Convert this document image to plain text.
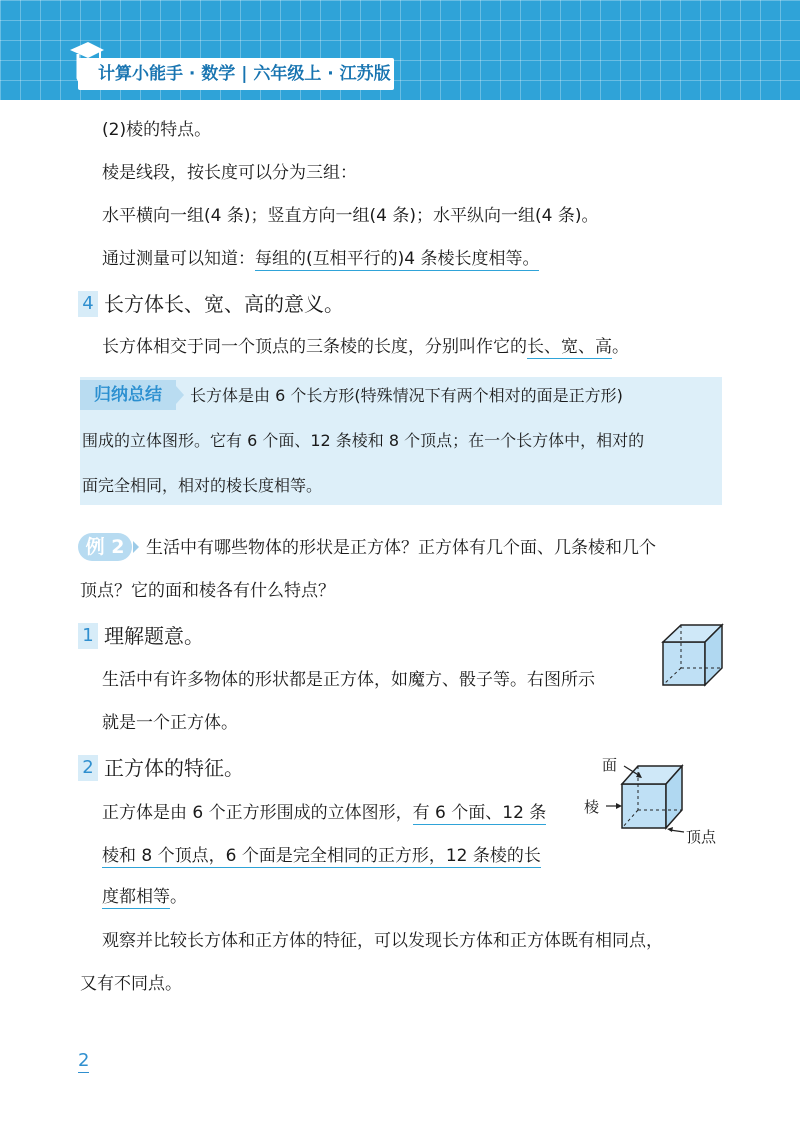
计算小能手 · 数学 | 六年级上 · 江苏版
(2)棱的特点。
棱是线段，按长度可以分为三组：
水平横向一组(4 条)；竖直方向一组(4 条)；水平纵向一组(4 条)。
通过测量可以知道：每组的(互相平行的)4 条棱长度相等。
4 长方体长、宽、高的意义。
长方体相交于同一个顶点的三条棱的长度，分别叫作它的长、宽、高。
归纳总结	长方体是由 6 个长方形(特殊情况下有两个相对的面是正方形)
围成的立体图形。它有 6 个面、12 条棱和 8 个顶点；在一个长方体中，相对的
面完全相同，相对的棱长度相等。
例 2	生活中有哪些物体的形状是正方体？正方体有几个面、几条棱和几个
顶点？它的面和棱各有什么特点？
1 理解题意。
生活中有许多物体的形状都是正方体，如魔方、骰子等。右图所示
就是一个正方体。
2 正方体的特征。
正方体是由 6 个正方形围成的立体图形，有 6 个面、12 条
棱和 8 个顶点，6 个面是完全相同的正方形，12 条棱的长
度都相等。
面
棱
顶点
观察并比较长方体和正方体的特征，可以发现长方体和正方体既有相同点，
又有不同点。
2
